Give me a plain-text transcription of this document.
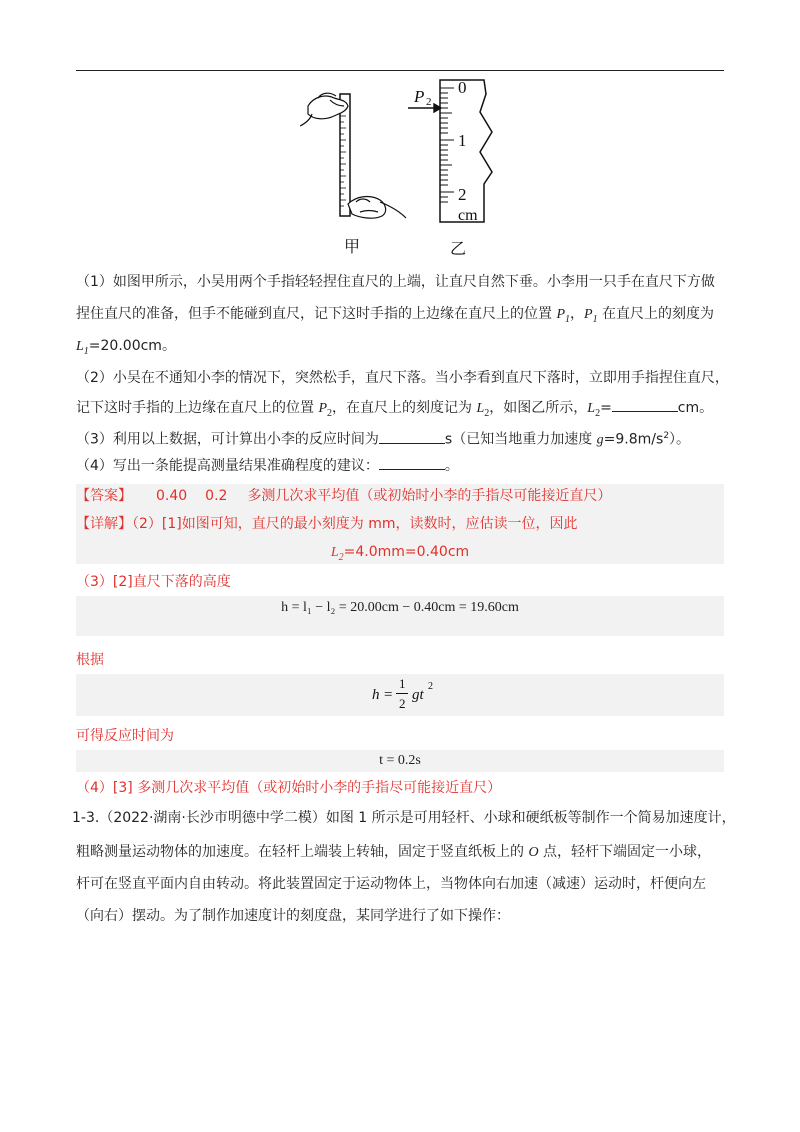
甲
0
1
2
cm
P 2
乙
（1）如图甲所示，小吴用两个手指轻轻捏住直尺的上端，让直尺自然下垂。小李用一只手在直尺下方做
捏住直尺的准备，但手不能碰到直尺，记下这时手指的上边缘在直尺上的位置 $P_1$，$P_1$ 在直尺上的刻度为
$L_1=20.00cm$。
（2）小吴在不通知小李的情况下，突然松手，直尺下落。当小李看到直尺下落时，立即用手指捏住直尺，
记下这时手指的上边缘在直尺上的位置 $P_2$，在直尺上的刻度记为 $L_2$，如图乙所示，$L_2=$	cm。
（3）利用以上数据，可计算出小李的反应时间为	s（已知当地重力加速度 $g=9.8m/s^2$）。
（4）写出一条能提高测量结果准确程度的建议：	。
【答案】 0.40 0.2 多测几次求平均值（或初始时小李的手指尽可能接近直尺）
【详解】（2）[1]如图可知，直尺的最小刻度为 mm，读数时，应估读一位，因此
$L_2=4.0mm=0.40cm$
（3）[2]直尺下落的高度
h = l₁ − l₂ = 20.00cm − 0.40cm = 19.60cm
根据
h =
1
2
gt
2
可得反应时间为
t = 0.2s
（4）[3] 多测几次求平均值（或初始时小李的手指尽可能接近直尺）
1-3.（2022·湖南·长沙市明德中学二模）如图 1 所示是可用轻杆、小球和硬纸板等制作一个简易加速度计，
粗略测量运动物体的加速度。在轻杆上端装上转轴，固定于竖直纸板上的 O 点，轻杆下端固定一小球，
杆可在竖直平面内自由转动。将此装置固定于运动物体上，当物体向右加速（减速）运动时，杆便向左
（向右）摆动。为了制作加速度计的刻度盘，某同学进行了如下操作：
